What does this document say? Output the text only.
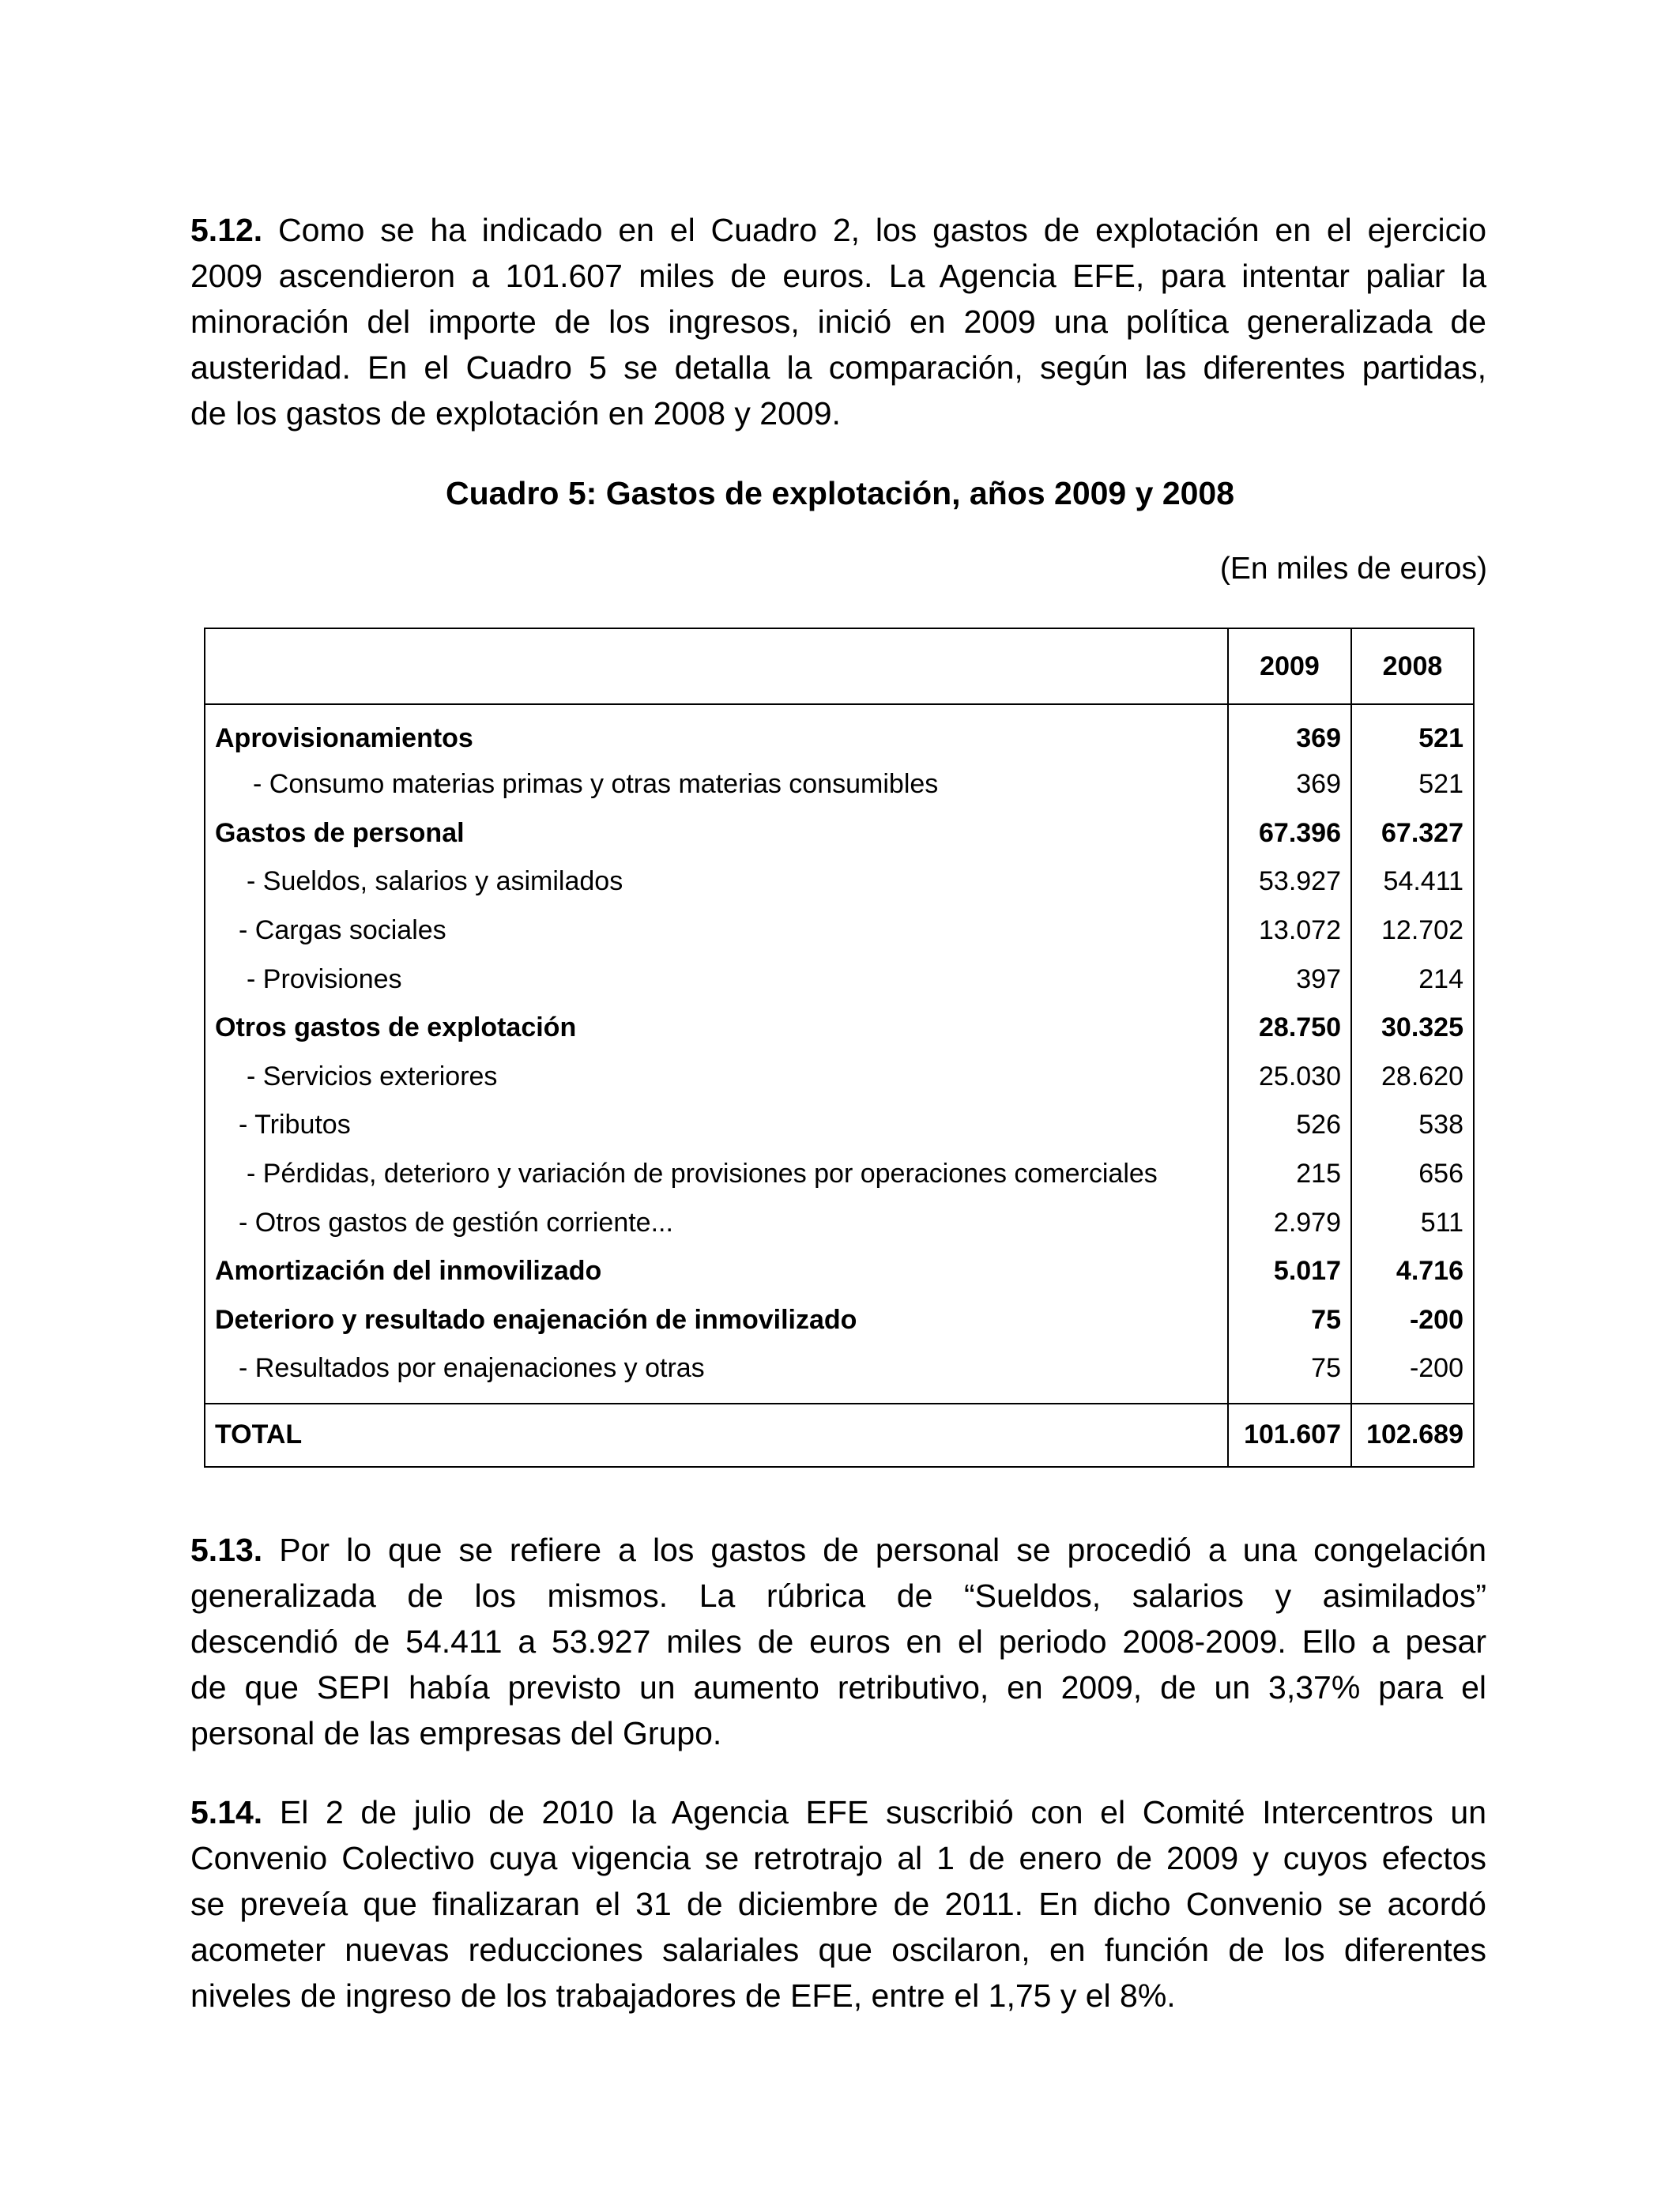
5.12. Como se ha indicado en el Cuadro 2, los gastos de explotación en el ejercicio
2009 ascendieron a 101.607 miles de euros. La Agencia EFE, para intentar paliar la
minoración del importe de los ingresos, inició en 2009 una política generalizada de
austeridad. En el Cuadro 5 se detalla la comparación, según las diferentes partidas,
de los gastos de explotación en 2008 y 2009.

Cuadro 5: Gastos de explotación, años 2009 y 2008

(En miles de euros)

	2009	2008
Aprovisionamientos	369	521
- Consumo materias primas y otras materias consumibles	369	521
Gastos de personal	67.396	67.327
- Sueldos, salarios y asimilados	53.927	54.411
- Cargas sociales	13.072	12.702
- Provisiones	397	214
Otros gastos de explotación	28.750	30.325
- Servicios exteriores	25.030	28.620
- Tributos	526	538
- Pérdidas, deterioro y variación de provisiones por operaciones comerciales	215	656
- Otros gastos de gestión corriente...	2.979	511
Amortización del inmovilizado	5.017	4.716
Deterioro y resultado enajenación de inmovilizado	75	-200
- Resultados por enajenaciones y otras	75	-200
TOTAL	101.607	102.689
5.13. Por lo que se refiere a los gastos de personal se procedió a una congelación
generalizada de los mismos. La rúbrica de “Sueldos, salarios y asimilados”
descendió de 54.411 a 53.927 miles de euros en el periodo 2008-2009. Ello a pesar
de que SEPI había previsto un aumento retributivo, en 2009, de un 3,37% para el
personal de las empresas del Grupo.
5.14. El 2 de julio de 2010 la Agencia EFE suscribió con el Comité Intercentros un
Convenio Colectivo cuya vigencia se retrotrajo al 1 de enero de 2009 y cuyos efectos
se preveía que finalizaran el 31 de diciembre de 2011. En dicho Convenio se acordó
acometer nuevas reducciones salariales que oscilaron, en función de los diferentes
niveles de ingreso de los trabajadores de EFE, entre el 1,75 y el 8%.
